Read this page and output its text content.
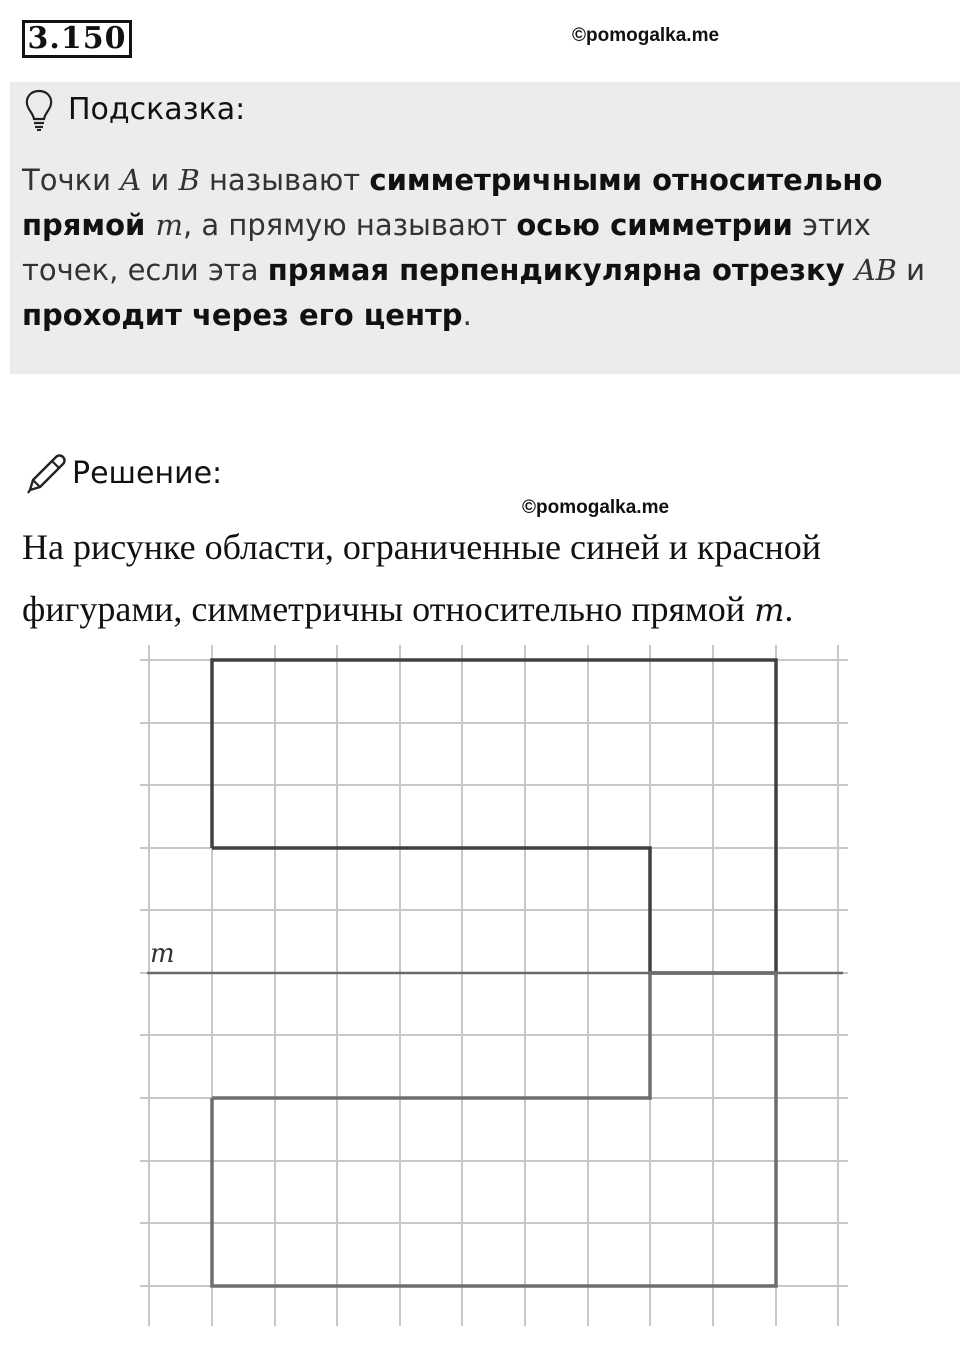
3.150	©pomogalka.me
Подсказка:
Точки A и B называют симметричными относительно прямой m, а прямую называют осью симметрии этих точек, если эта прямая перпендикулярна отрезку AB и проходит через его центр.
Решение:
©pomogalka.me
На рисунке области, ограниченные синей и красной фигурами, симметричны относительно прямой m.
m
